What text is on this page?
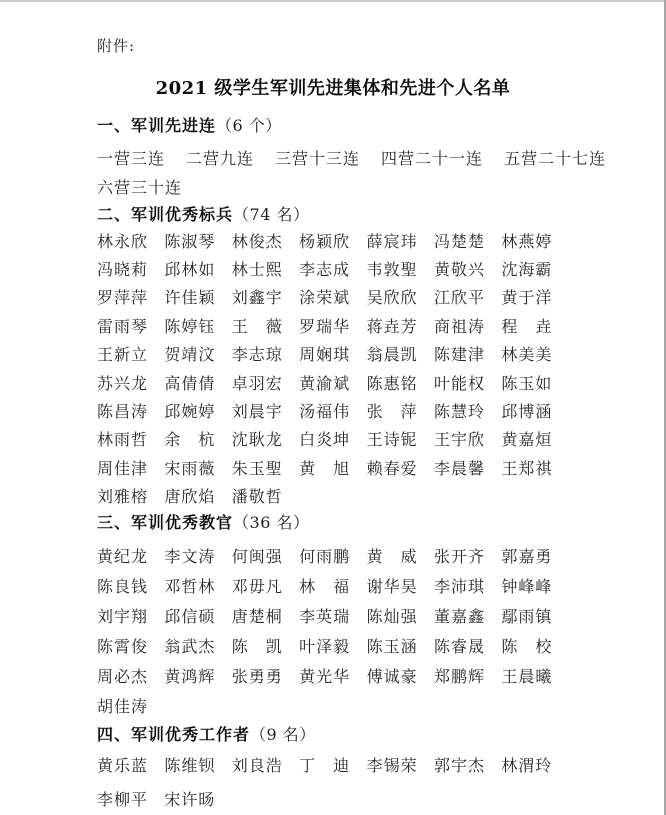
附件:
2021 级学生军训先进集体和先进个人名单
一、军训先进连（6 个）
一营三连 二营九连 三营十三连 四营二十一连 五营二十七连
六营三十连
二、军训优秀标兵（74 名）
林永欣	陈淑琴	林俊杰	杨颖欣	薛宸玮	冯楚楚	林燕婷
冯晓莉	邱林如	林士熙	李志成	韦敦聖	黄敬兴	沈海霸
罗萍萍	许佳颖	刘鑫宇	涂荣斌	吴欣欣	江欣平	黄于洋
雷雨琴	陈婷钰	王　薇	罗瑞华	蒋垚芳	商祖涛	程　垚
王新立	贺靖汶	李志琼	周娴琪	翁晨凯	陈建津	林美美
苏兴龙	高倩倩	卓羽宏	黄渝斌	陈惠铭	叶能权	陈玉如
陈昌涛	邱婉婷	刘晨宇	汤福伟	张　萍	陈慧玲	邱博涵
林雨哲	余　杭	沈耿龙	白炎坤	王诗铌	王宇欣	黄嘉烜
周佳津	宋雨薇	朱玉聖	黄　旭	赖春爱	李晨馨	王郑祺
刘雅榕	唐欣焰	潘敬哲
三、军训优秀教官（36 名）
黄纪龙	李文涛	何闽强	何雨鹏	黄　威	张开齐	郭嘉勇
陈良钱	邓哲林	邓毋凡	林　福	谢华昊	李沛琪	钟峰峰
刘宇翔	邱信硕	唐楚桐	李英瑞	陈灿强	董嘉鑫	鄢雨镇
陈霄俊	翁武杰	陈　凯	叶泽毅	陈玉涵	陈睿晟	陈　校
周必杰	黄鸿辉	张勇勇	黄光华	傅诚豪	郑鹏辉	王晨曦
胡佳涛
四、军训优秀工作者（9 名）
黄乐蓝	陈维钡	刘良浩	丁　迪	李锡荣	郭宇杰	林渭玲
李柳平	宋许旸
